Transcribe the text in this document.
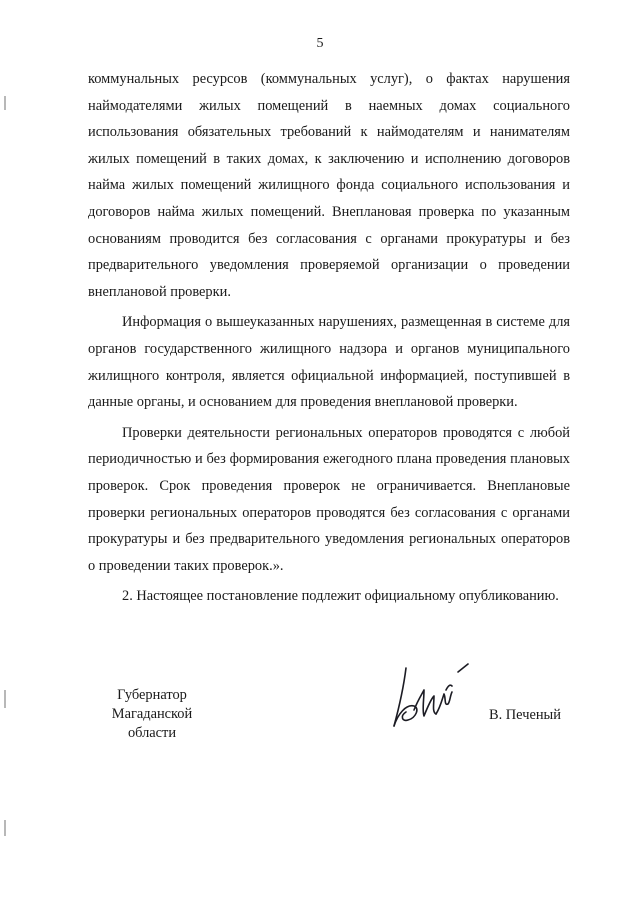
5

коммунальных ресурсов (коммунальных услуг), о фактах нарушения наймодателями жилых помещений в наемных домах социального использования обязательных требований к наймодателям и нанимателям жилых помещений в таких домах, к заключению и исполнению договоров найма жилых помещений жилищного фонда социального использования и договоров найма жилых помещений. Внеплановая проверка по указанным основаниям проводится без согласования с органами прокуратуры и без предварительного уведомления проверяемой организации о проведении внеплановой проверки.

Информация о вышеуказанных нарушениях, размещенная в системе для органов государственного жилищного надзора и органов муниципального жилищного контроля, является официальной информацией, поступившей в данные органы, и основанием для проведения внеплановой проверки.

Проверки деятельности региональных операторов проводятся с любой периодичностью и без формирования ежегодного плана проведения плановых проверок. Срок проведения проверок не ограничивается. Внеплановые проверки региональных операторов проводятся без согласования с органами прокуратуры и без предварительного уведомления региональных операторов о проведении таких проверок.».

2. Настоящее постановление подлежит официальному опубликованию.

Губернатор
Магаданской области
В. Печеный
